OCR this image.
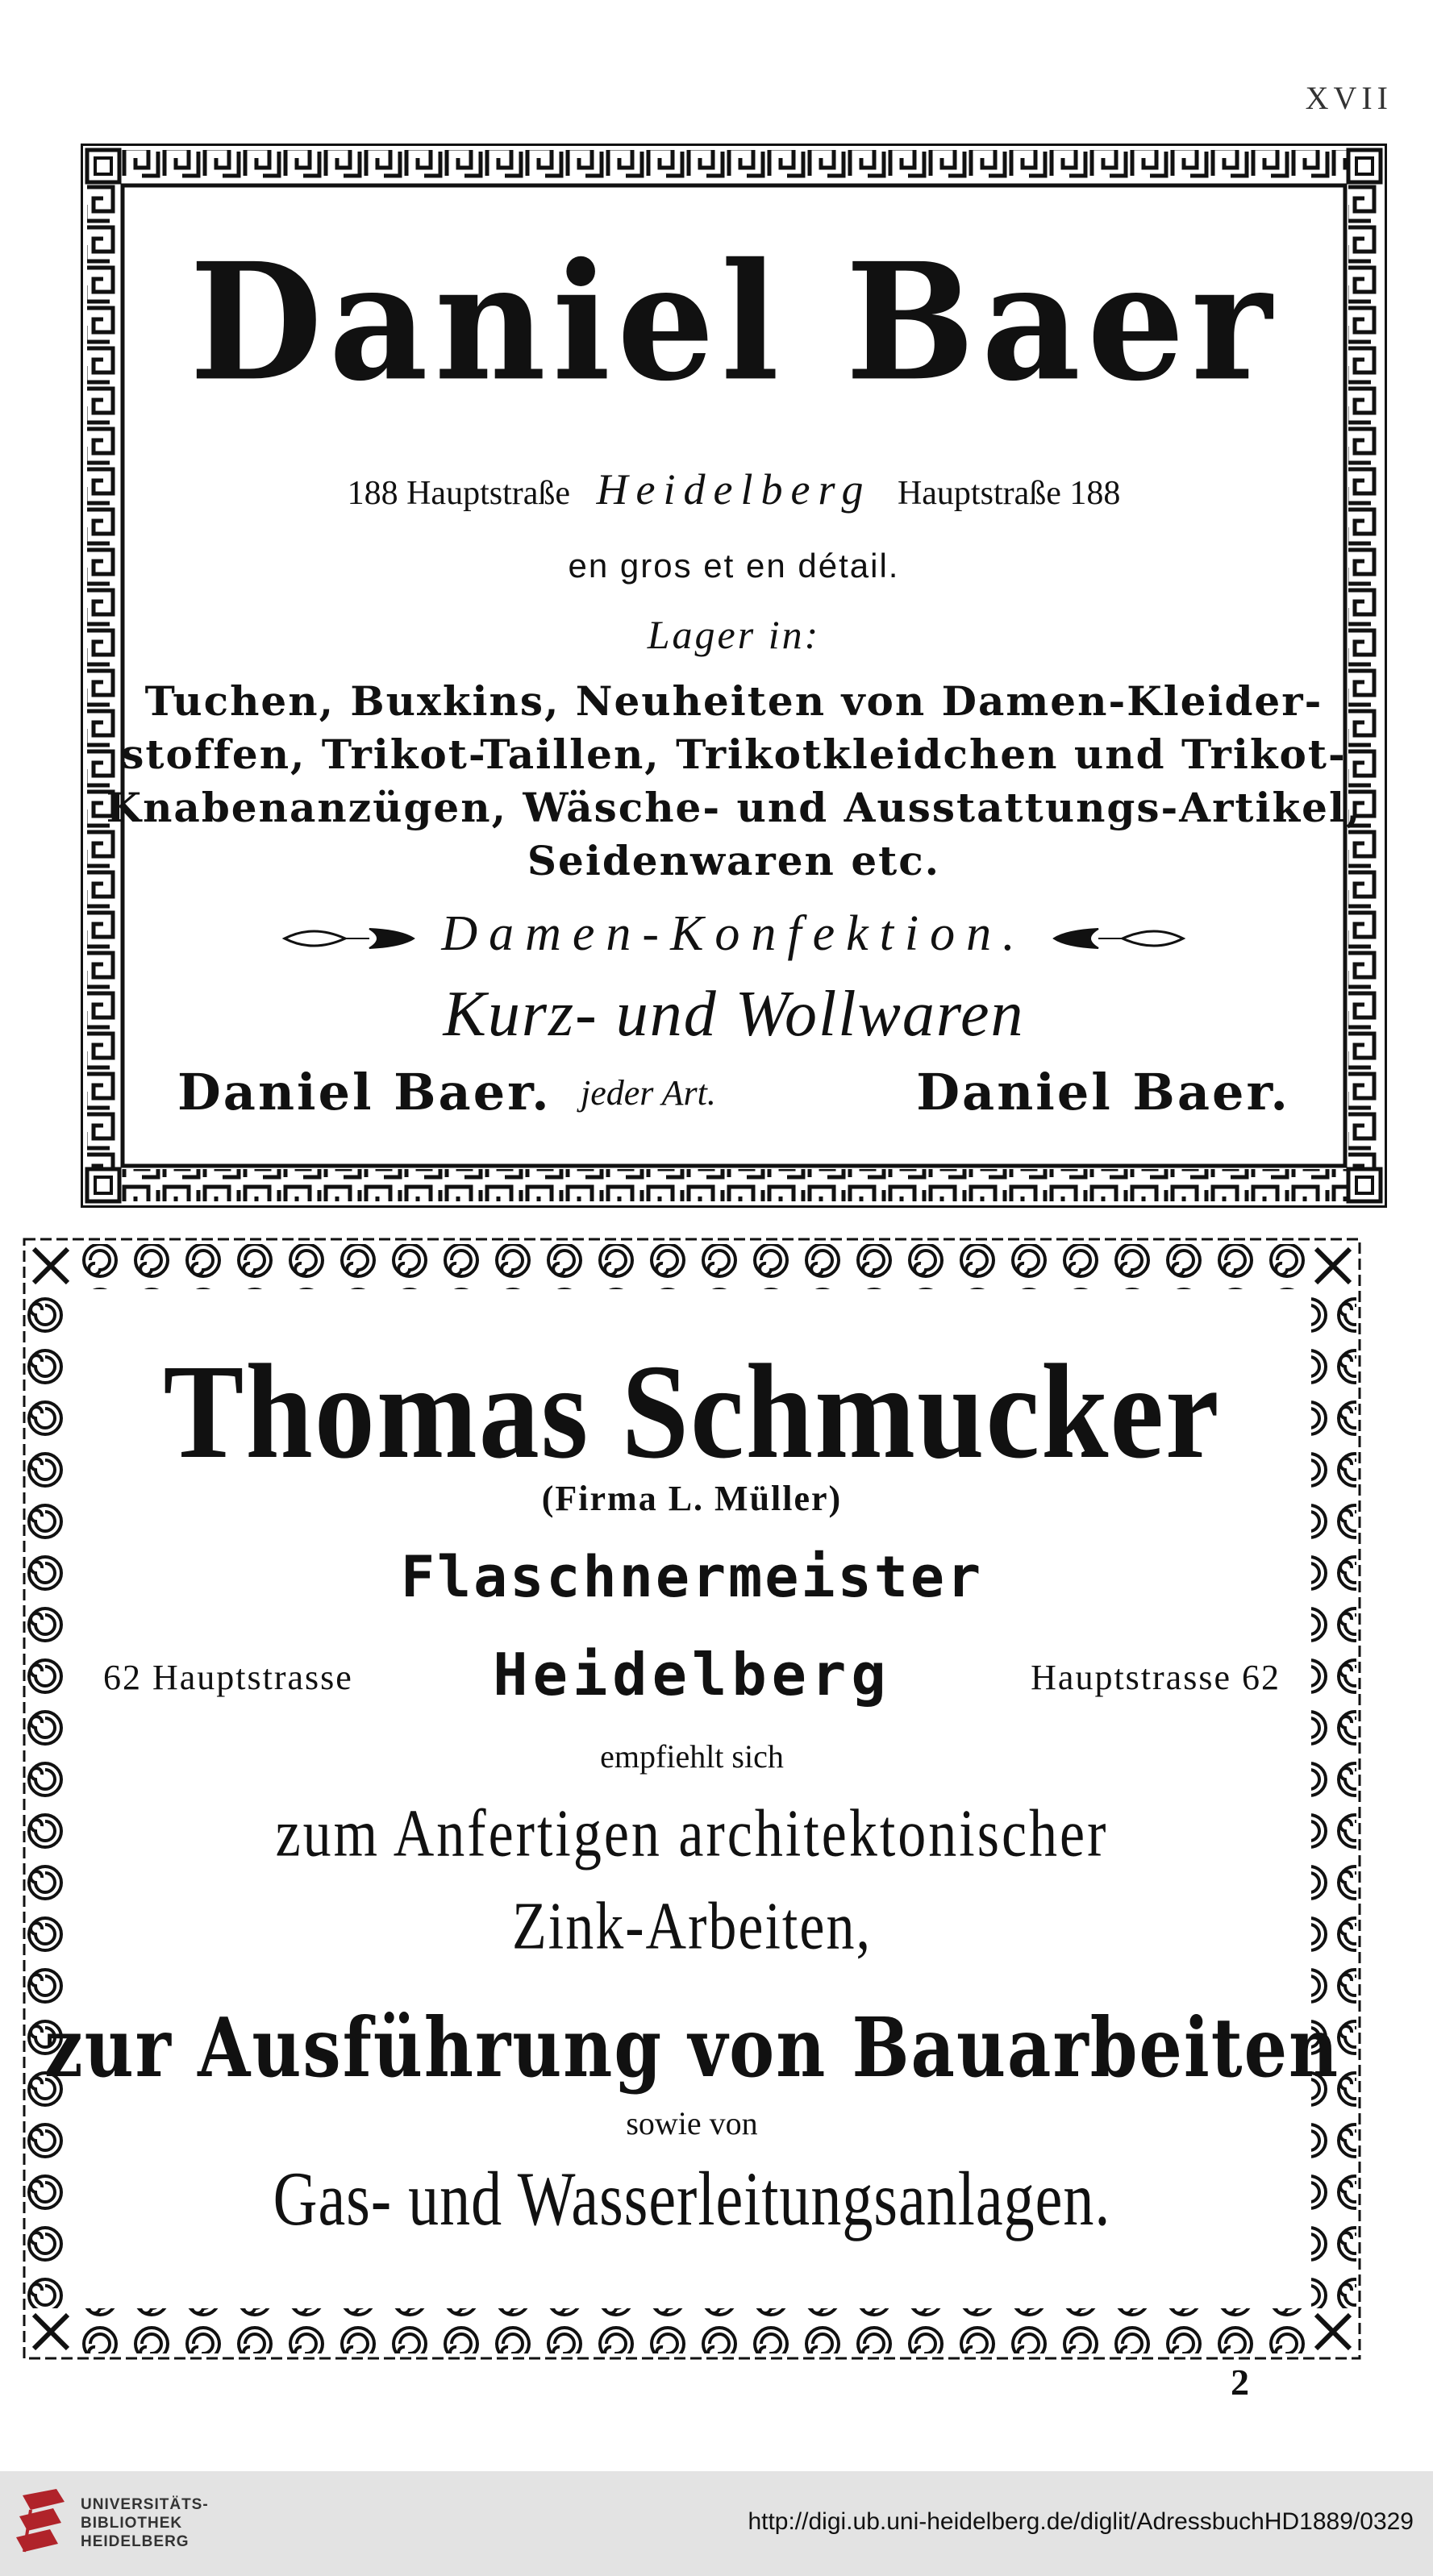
XVII
Daniel Baer
188 Hauptstraße Heidelberg Hauptstraße 188
en gros et en détail.
Lager in:
Tuchen, Buxkins, Neuheiten von Damen-Kleider-
stoffen, Trikot-Taillen, Trikotkleidchen und Trikot-
Knabenanzügen, Wäsche- und Ausstattungs-Artikel,
Seidenwaren etc.
Damen-Konfektion.
Kurz- und Wollwaren
Daniel Baer. jeder Art.	Daniel Baer.
Thomas Schmucker
(Firma L. Müller)
Flaschnermeister
62 Hauptstrasse	Heidelberg	Hauptstrasse 62
empfiehlt sich
zum Anfertigen architektonischer
Zink-Arbeiten,
zur Ausführung von Bauarbeiten
sowie von
Gas- und Wasserleitungsanlagen.
2
UNIVERSITÄTS-
BIBLIOTHEK
HEIDELBERG
http://digi.ub.uni-heidelberg.de/diglit/AdressbuchHD1889/0329
